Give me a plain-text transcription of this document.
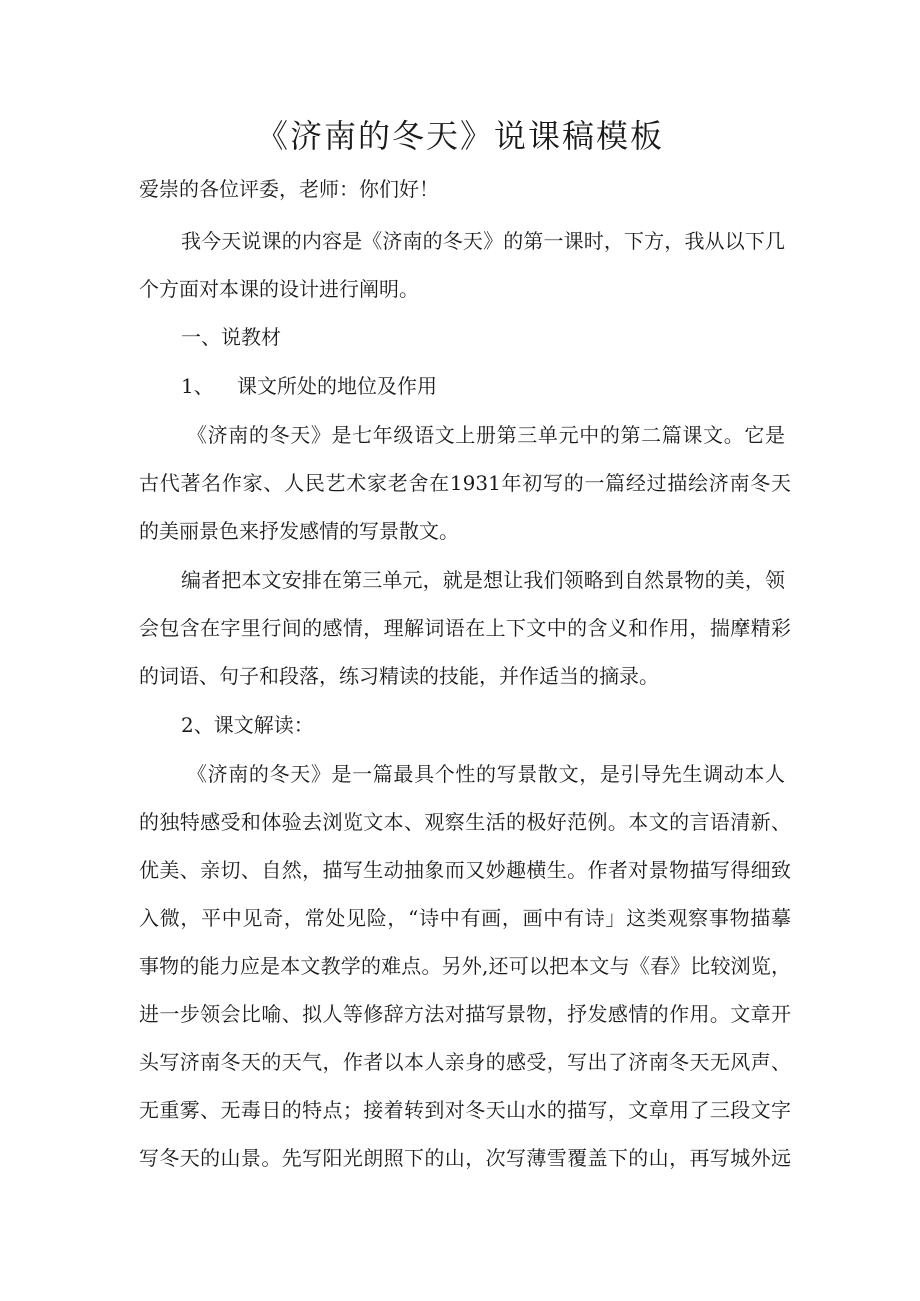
《济南的冬天》说课稿模板
爱崇的各位评委，老师：你们好！
我今天说课的内容是《济南的冬天》的第一课时，下方，我从以下几
个方面对本课的设计进行阐明。
一、说教材
1、 课文所处的地位及作用
《济南的冬天》是七年级语文上册第三单元中的第二篇课文。它是
古代著名作家、人民艺术家老舍在1931年初写的一篇经过描绘济南冬天
的美丽景色来抒发感情的写景散文。
编者把本文安排在第三单元，就是想让我们领略到自然景物的美，领
会包含在字里行间的感情，理解词语在上下文中的含义和作用，揣摩精彩
的词语、句子和段落，练习精读的技能，并作适当的摘录。
2、课文解读：
《济南的冬天》是一篇最具个性的写景散文，是引导先生调动本人
的独特感受和体验去浏览文本、观察生活的极好范例。本文的言语清新、
优美、亲切、自然，描写生动抽象而又妙趣横生。作者对景物描写得细致
入微，平中见奇，常处见险，“诗中有画，画中有诗」这类观察事物描摹
事物的能力应是本文教学的难点。另外,还可以把本文与《春》比较浏览，
进一步领会比喻、拟人等修辞方法对描写景物，抒发感情的作用。文章开
头写济南冬天的天气，作者以本人亲身的感受，写出了济南冬天无风声、
无重雾、无毒日的特点；接着转到对冬天山水的描写，文章用了三段文字
写冬天的山景。先写阳光朗照下的山，次写薄雪覆盖下的山，再写城外远
